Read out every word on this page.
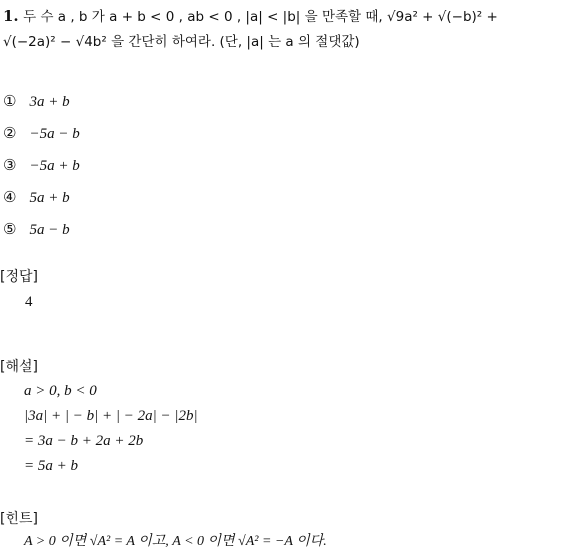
1. 두 수 a , b 가 a + b < 0 , ab < 0 , |a| < |b| 을 만족할 때, √9a² + √(−b)² +
√(−2a)² − √4b² 을 간단히 하여라. (단, |a| 는 a 의 절댓값)
① 3a + b
② −5a − b
③ −5a + b
④ 5a + b
⑤ 5a − b
[정답]
4
[해설]
a > 0, b < 0
|3a| + | − b| + | − 2a| − |2b|
= 3a − b + 2a + 2b
= 5a + b
[힌트]
A > 0 이면 √A² = A 이고, A < 0 이면 √A² = −A 이다.
